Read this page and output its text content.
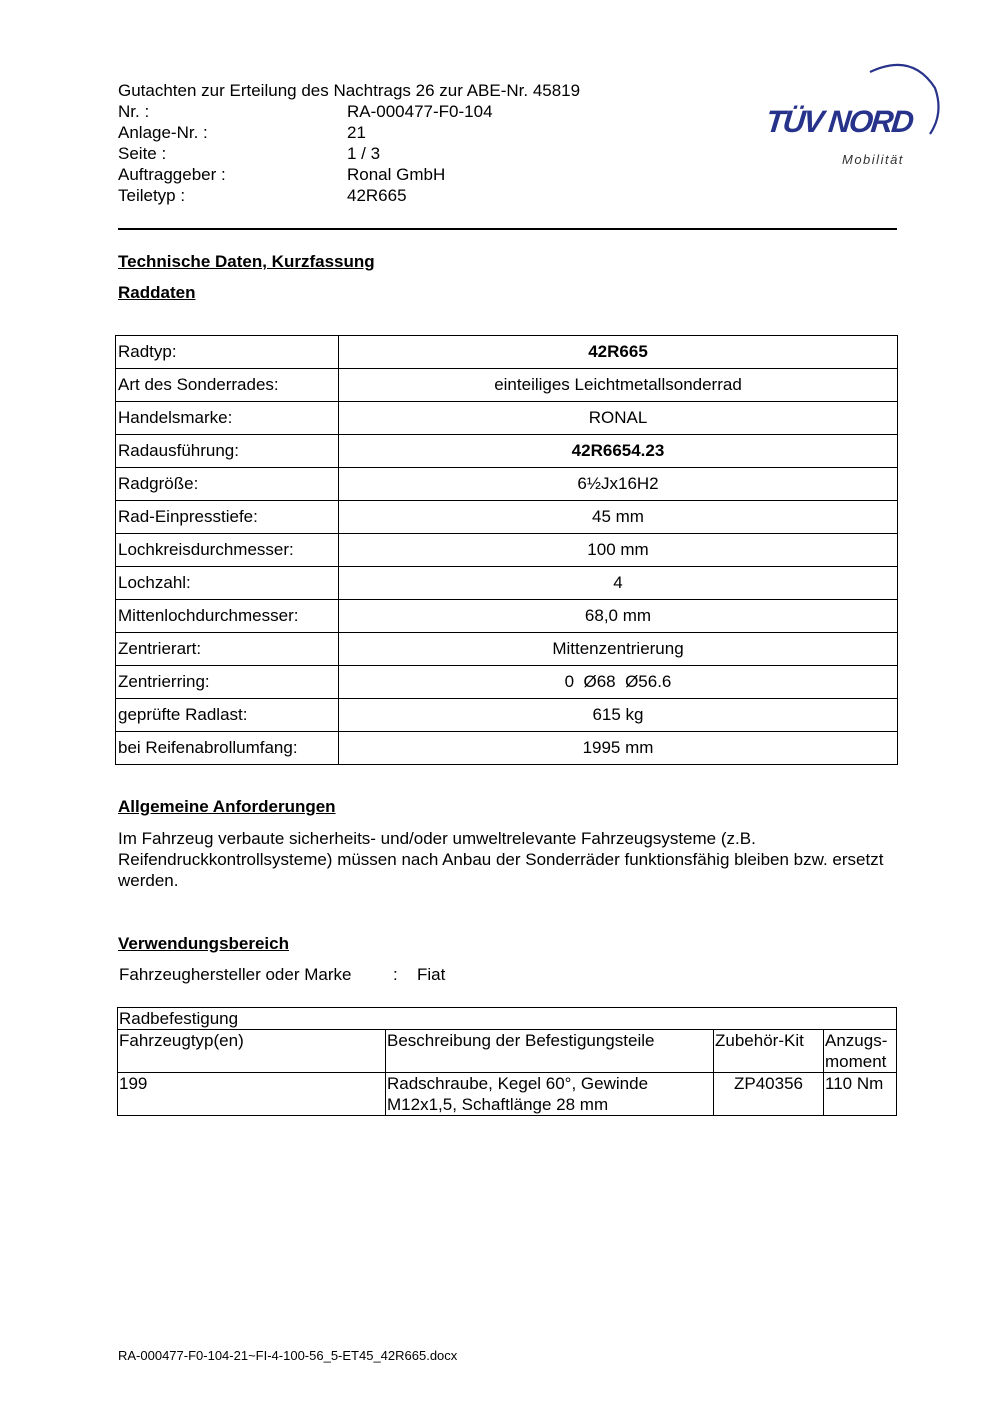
Gutachten zur Erteilung des Nachtrags 26 zur ABE-Nr. 45819
Nr. :	RA-000477-F0-104
Anlage-Nr. :	21
Seite :	1 / 3
Auftraggeber :	Ronal GmbH
Teiletyp :	42R665
TÜV NORD
Mobilität
Technische Daten, Kurzfassung
Raddaten
Radtyp:	42R665
Art des Sonderrades:	einteiliges Leichtmetallsonderrad
Handelsmarke:	RONAL
Radausführung:	42R6654.23
Radgröße:	6½Jx16H2
Rad-Einpresstiefe:	45 mm
Lochkreisdurchmesser:	100 mm
Lochzahl:	4
Mittenlochdurchmesser:	68,0 mm
Zentrierart:	Mittenzentrierung
Zentrierring:	0  Ø68  Ø56.6
geprüfte Radlast:	615 kg
bei Reifenabrollumfang:	1995 mm
Allgemeine Anforderungen
Im Fahrzeug verbaute sicherheits- und/oder umweltrelevante Fahrzeugsysteme (z.B. Reifendruckkontrollsysteme) müssen nach Anbau der Sonderräder funktionsfähig bleiben bzw. ersetzt werden.
Verwendungsbereich
Fahrzeughersteller oder Marke : Fiat
Radbefestigung			
Fahrzeugtyp(en)	Beschreibung der Befestigungsteile	Zubehör-Kit	Anzugs-
moment

199	Radschraube, Kegel 60°, Gewinde
M12x1,5, Schaftlänge 28 mm	ZP40356	110 Nm
RA-000477-F0-104-21~FI-4-100-56_5-ET45_42R665.docx
